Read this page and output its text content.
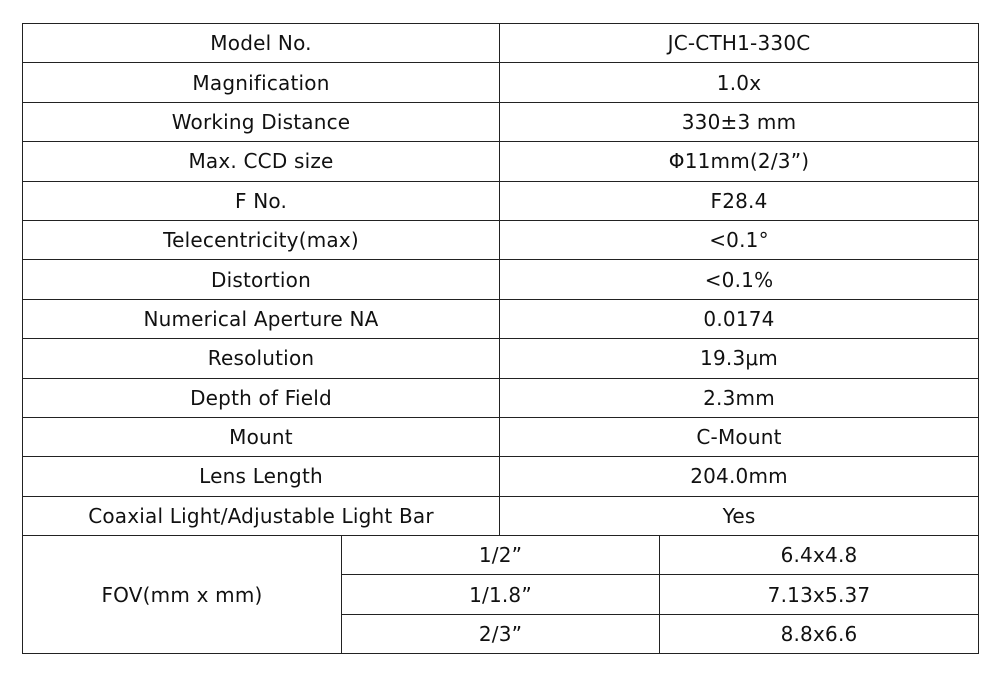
Model No.		JC-CTH1-330C	
Magnification		1.0x	
Working Distance		330±3 mm	
Max. CCD size		Φ11mm(2/3”)	
F No.		F28.4	
Telecentricity(max)		<0.1°	
Distortion		<0.1%	
Numerical Aperture NA		0.0174	
Resolution		19.3μm	
Depth of Field		2.3mm	
Mount		C-Mount	
Lens Length		204.0mm	
Coaxial Light/Adjustable Light Bar		Yes	
FOV(mm x mm)	1/2”		6.4x4.8
	1/1.8”		7.13x5.37
	2/3”		8.8x6.6
